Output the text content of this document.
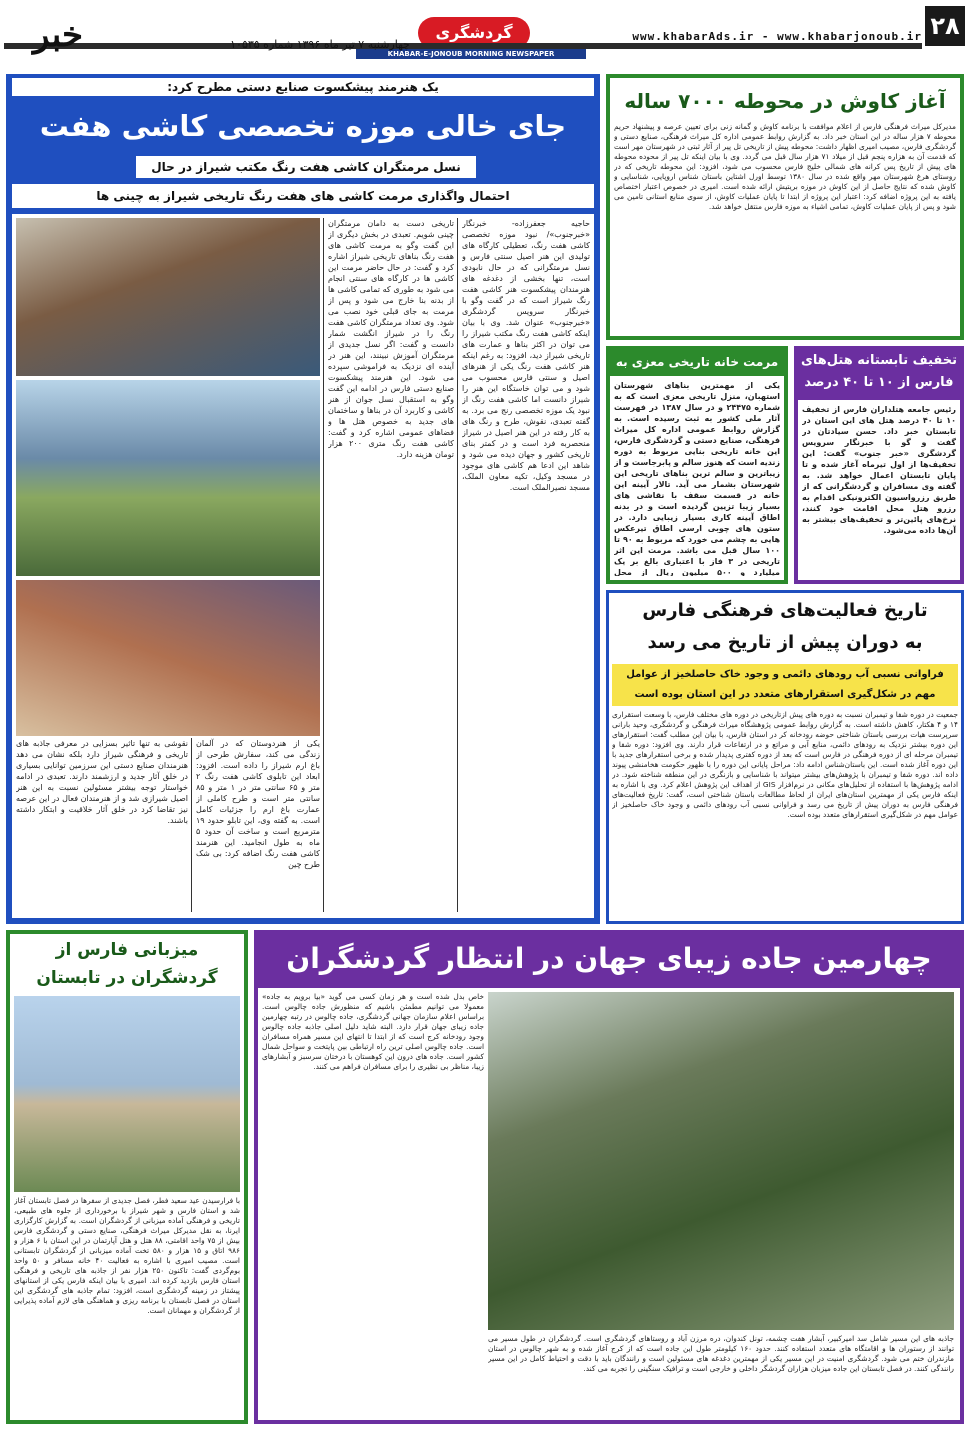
۲۸
www.khabarAds.ir - www.khabarjonoub.ir
گردشگری
KHABAR-E-JONOUB MORNING NEWSPAPER
خبر	چهارشنبه ۷ تیر ماه ۱۳۹۶ شماره ۱۰۵۳۵
یک هنرمند پیشکسوت صنایع دستی مطرح کرد:
جای خالی موزه تخصصی کاشی هفت
نسل مرمتگران کاشی هفت رنگ مکتب شیراز در حال
احتمال واگذاری مرمت کاشی های هفت رنگ تاریخی شیراز به چینی ها
حاجیه جعفرزاده- خبرنگار «خبرجنوب»/ نبود موزه تخصصی کاشی هفت رنگ، تعطیلی کارگاه های تولیدی این هنر اصیل سنتی فارس و نسل مرمتگرانی که در حال نابودی است، تنها بخشی از دغدغه های هنرمندان پیشکسوت هنر کاشی هفت رنگ شیراز است که در گفت وگو با خبرنگار سرویس گردشگری «خبرجنوب» عنوان شد. وی با بیان اینکه کاشی هفت رنگ مکتب شیراز را می توان در اکثر بناها و عمارت های تاریخی شیراز دید، افزود: به رغم اینکه هنر کاشی هفت رنگ یکی از هنرهای اصیل و سنتی فارس محسوب می شود و می توان خاستگاه این هنر را شیراز دانست اما کاشی هفت رنگ از نبود یک موزه تخصصی رنج می برد. به گفته تعبدی، نقوش، طرح و رنگ های به کار رفته در این هنر اصیل در شیراز منحصربه فرد است و در کمتر بنای تاریخی کشور و جهان دیده می شود و شاهد این ادعا هم کاشی های موجود در مسجد وکیل، تکیه معاون الملک، مسجد نصیرالملک است.
تاریخی دست به دامان مرمتگران چینی شویم. تعبدی در بخش دیگری از این گفت وگو به مرمت کاشی های هفت رنگ بناهای تاریخی شیراز اشاره کرد و گفت: در حال حاضر مرمت این کاشی ها در کارگاه های سنتی انجام می شود به طوری که تمامی کاشی ها از بدنه بنا خارج می شود و پس از مرمت به جای قبلی خود نصب می شود. وی تعداد مرمتگران کاشی هفت رنگ را در شیراز انگشت شمار دانست و گفت: اگر نسل جدیدی از مرمتگران آموزش نبینند، این هنر در آینده ای نزدیک به فراموشی سپرده می شود. این هنرمند پیشکسوت صنایع دستی فارس در ادامه این گفت وگو به استقبال نسل جوان از هنر کاشی و کاربرد آن در بناها و ساختمان های جدید به خصوص هتل ها و فضاهای عمومی اشاره کرد و گفت: کاشی هفت رنگ متری ۲۰۰ هزار تومان هزینه دارد.
یکی از هنردوستان که در آلمان زندگی می کند، سفارش طرحی از باغ ارم شیراز را داده است. افزود: ابعاد این تابلوی کاشی هفت رنگ ۲ متر و ۶۵ سانتی متر در ۱ متر و ۸۵ سانتی متر است و طرح کاملی از عمارت باغ ارم را جزئیات کامل است. به گفته وی، این تابلو حدود ۱۹ مترمربع است و ساخت آن حدود ۵ ماه به طول انجامید. این هنرمند کاشی هفت رنگ اضافه کرد: بی شک طرح چین
نقوشی به تنها تاثیر بسزایی در معرفی جاذبه های تاریخی و فرهنگی شیراز دارد بلکه نشان می دهد هنرمندان صنایع دستی این سرزمین توانایی بسیاری در خلق آثار جدید و ارزشمند دارند. تعبدی در ادامه خواستار توجه بیشتر مسئولین نسبت به این هنر اصیل شیرازی شد و از هنرمندان فعال در این عرصه نیز تقاضا کرد در خلق آثار خلاقیت و ابتکار داشته باشند.
آغاز کاوش در محوطه ۷۰۰۰ ساله
مدیرکل میراث فرهنگی فارس از اعلام موافقت با برنامه کاوش و گمانه زنی برای تعیین عرصه و پیشنهاد حریم محوطه ۷ هزار ساله در این استان خبر داد. به گزارش روابط عمومی اداره کل میراث فرهنگی، صنایع دستی و گردشگری فارس، مصیب امیری اظهار داشت: محوطه پیش از تاریخی تل پیر از آثار ثبتی در شهرستان مهر است که قدمت آن به هزاره پنجم قبل از میلاد ۷۱ هزار سال قبل می گردد. وی با بیان اینکه تل پیر از محوده محوطه های پیش از تاریخ پس کرانه های شمالی خلیج فارس محسوب می شود، افزود: این محوطه تاریخی که در روستای هرغ شهرستان مهر واقع شده در سال ۱۳۸۰ توسط اورل اشتاین باستان شناس اروپایی، شناسایی و کاوش شده که نتایج حاصل از این کاوش در موزه بریتیش ارائه شده است. امیری در خصوص اعتبار اختصاص یافته به این پروژه اضافه کرد: اعتبار این پروژه از ابتدا تا پایان عملیات کاوش، از سوی منابع استانی تامین می شود و پس از پایان عملیات کاوش، تمامی اشیاء به موزه فارس منتقل خواهد شد.
تخفیف تابستانه هتل‌های فارس از ۱۰ تا ۴۰ درصد
رئیس جامعه هتلداران فارس از تخفیف ۱۰ تا ۴۰ درصد هتل های این استان در تابستان خبر داد. حسن سیادتان در گفت و گو با خبرنگار سرویس گردشگری «خبر جنوب» گفت: این تخفیف‌ها از اول تیرماه آغاز شده و تا پایان تابستان اعمال خواهد شد. به گفته وی مسافران و گردشگرانی که از طریق رزرواسیون الکترونیکی اقدام به رزرو هتل محل اقامت خود کنند، نرخ‌های پائین‌تر و تخفیف‌های بیشتر به آن‌ها داده می‌شود.
مرمت خانه تاریخی معزی به
یکی از مهمترین بناهای شهرستان استهبان، منزل تاریخی معزی است که به شماره ۲۴۴۷۵ و در سال ۱۳۸۷ در فهرست آثار ملی کشور به ثبت رسیده است. به گزارش روابط عمومی اداره کل میراث فرهنگی، صنایع دستی و گردشگری فارس، این خانه تاریخی بنایی مربوط به دوره زندیه است که هنوز سالم و پابرجاست و از زیباترین و سالم ترین بناهای تاریخی این شهرستان بشمار می آید. تالار آیینه این خانه در قسمت سقف با نقاشی های بسیار زیبا تزیین گردیده است و در بدنه اطاق آیینه کاری بسیار زیبایی دارد. در ستون های چوبی ارسی اطاق تیرعکس هایی به چشم می خورد که مربوط به ۹۰ تا ۱۰۰ سال قبل می باشد. مرمت این اثر تاریخی در ۳ فاز با اعتباری بالغ بر یک میلیارد و ۵۰۰ میلیون ریال از محل
تاریخ فعالیت‌های فرهنگی فارس
به دوران پیش از تاریخ می رسد
فراوانی نسبی آب رودهای دائمی و وجود خاک حاصلخیز از عوامل مهم در شکل‌گیری استقرارهای متعدد در این استان بوده است
جمعیت در دوره شفا و تیمبران نسبت به دوره های پیش ازتاریخی در دوره های مختلف فارس، با وسعت استقراری ۱۴ و ۴ هکتار، کاهش داشته است. به گزارش روابط عمومی پژوهشگاه میراث فرهنگی و گردشگری، وحید بارانی سرپرست هیات بررسی باستان شناختی حوضه رودخانه کر در استان فارس، با بیان این مطلب گفت: استقرارهای این دوره بیشتر نزدیک به رودهای دائمی، منابع آبی و مراتع و در ارتفاعات قرار دارند. وی افزود: دوره شفا و تیمبران مرحله ای از دوره فرهنگی در فارس است که بعد از دوره کفتری پدیدار شده و برخی استقرارهای جدید با این دوره آغاز شده است. این باستان‌شناس ادامه داد: مراحل پایانی این دوره را با ظهور حکومت هخامنشی پیوند داده اند. دوره شفا و تیمبران با پژوهش‌های بیشتر میتواند با شناسایی و بازنگری در این منطقه شناخته شود. در ادامه پژوهش‌ها با استفاده از تحلیل‌های مکانی در نرم‌افزار GIS از اهداف این پژوهش اعلام کرد. وی با اشاره به اینکه فارس یکی از مهمترین استان‌های ایران از لحاظ مطالعات باستان شناختی است، گفت: تاریخ فعالیت‌های فرهنگی فارس به دوران پیش از تاریخ می رسد و فراوانی نسبی آب رودهای دائمی و وجود خاک حاصلخیز از عوامل مهم در شکل‌گیری استقرارهای متعدد بوده است.
میزبانی فارس از گردشگران در تابستان
با فرارسیدن عید سعید فطر، فصل جدیدی از سفرها در فصل تابستان آغاز شد و استان فارس و شهر شیراز با برخورداری از جلوه های طبیعی، تاریخی و فرهنگی آماده میزبانی از گردشگران است. به گزارش کارگزاری ایرنا، به نقل مدیرکل میراث فرهنگی، صنایع دستی و گردشگری فارس بیش از ۷۵ واحد اقامتی، ۸۸ هتل و هتل آپارتمان در این استان با ۶ هزار و ۹۸۶ اتاق و ۱۵ هزار و ۵۸۰ تخت آماده میزبانی از گردشگران تابستانی است. مصیب امیری با اشاره به فعالیت ۴۰ خانه مسافر و ۵۰ واحد بوم‌گردی گفت: تاکنون ۲۵۰ هزار نفر از جاذبه های تاریخی و فرهنگی استان فارس بازدید کرده اند. امیری با بیان اینکه فارس یکی از استانهای پیشتاز در زمینه گردشگری است، افزود: تمام جاذبه های گردشگری این استان در فصل تابستان با برنامه ریزی و هماهنگی های لازم آماده پذیرایی از گردشگران و مهمانان است.
چهارمین جاده زیبای جهان در انتظار گردشگران
خاص بدل شده است و هر زمان کسی می گوید «بیا برویم به جاده» معمولا می توانیم مطمئن باشیم که منظورش جاده چالوس است. براساس اعلام سازمان جهانی گردشگری، جاده چالوس در رتبه چهارمین جاده زیبای جهان قرار دارد. البته شاید دلیل اصلی جاذبه جاده چالوس وجود رودخانه کرج است که از ابتدا تا انتهای این مسیر همراه مسافران است. جاده چالوس اصلی ترین راه ارتباطی بین پایتخت و سواحل شمال کشور است. جاده های درون این کوهستان با درختان سرسبز و آبشارهای زیبا، مناظر بی نظیری را برای مسافران فراهم می کنند.
جاذبه های این مسیر شامل سد امیرکبیر، آبشار هفت چشمه، تونل کندوان، دره مرزن آباد و روستاهای گردشگری است. گردشگران در طول مسیر می توانند از رستوران ها و اقامتگاه های متعدد استفاده کنند. حدود ۱۶۰ کیلومتر طول این جاده است که از کرج آغاز شده و به شهر چالوس در استان مازندران ختم می شود. گردشگری امنیت در این مسیر یکی از مهمترین دغدغه های مسئولین است و رانندگان باید با دقت و احتیاط کامل در این مسیر رانندگی کنند. در فصل تابستان این جاده میزبان هزاران گردشگر داخلی و خارجی است و ترافیک سنگینی را تجربه می کند.
